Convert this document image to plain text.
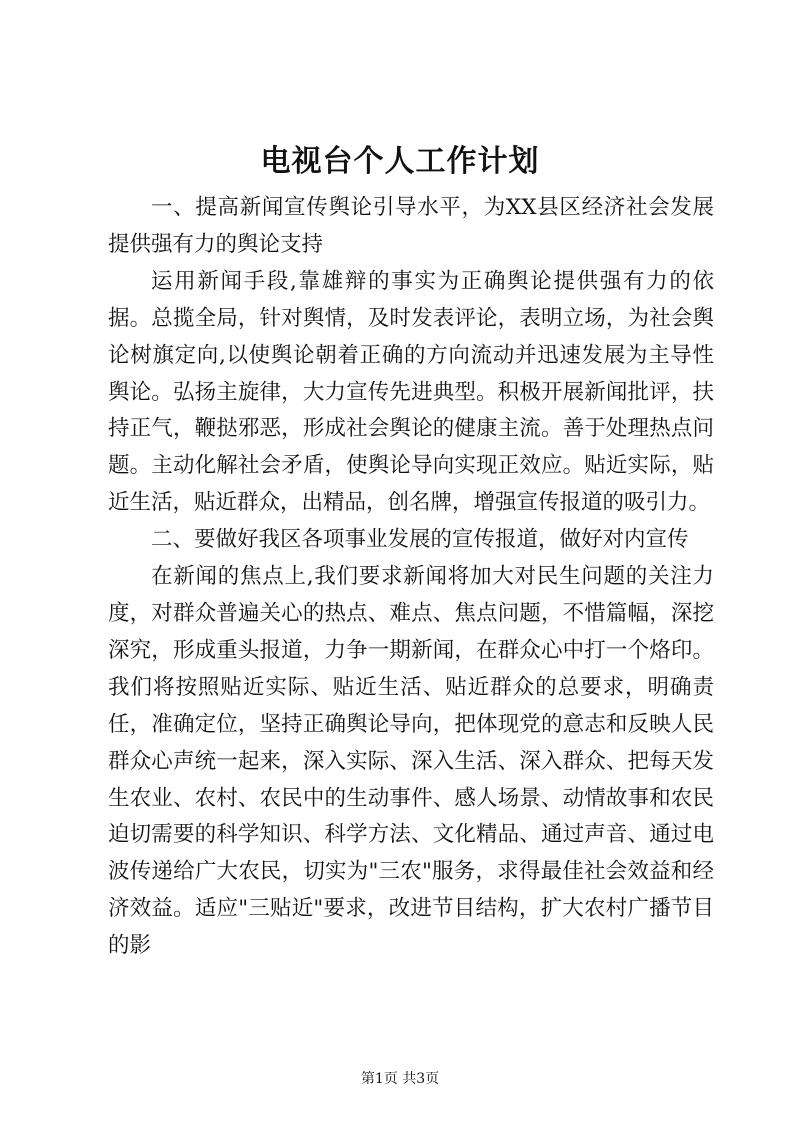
电视台个人工作计划

一、提高新闻宣传舆论引导水平，为XX县区经济社会发展提供强有力的舆论支持

运用新闻手段,靠雄辩的事实为正确舆论提供强有力的依据。总揽全局，针对舆情，及时发表评论，表明立场，为社会舆论树旗定向,以使舆论朝着正确的方向流动并迅速发展为主导性舆论。弘扬主旋律，大力宣传先进典型。积极开展新闻批评，扶持正气，鞭挞邪恶，形成社会舆论的健康主流。善于处理热点问题。主动化解社会矛盾，使舆论导向实现正效应。贴近实际，贴近生活，贴近群众，出精品，创名牌，增强宣传报道的吸引力。

二、要做好我区各项事业发展的宣传报道，做好对内宣传

在新闻的焦点上,我们要求新闻将加大对民生问题的关注力度，对群众普遍关心的热点、难点、焦点问题，不惜篇幅，深挖深究，形成重头报道，力争一期新闻，在群众心中打一个烙印。我们将按照贴近实际、贴近生活、贴近群众的总要求，明确责任，准确定位，坚持正确舆论导向，把体现党的意志和反映人民群众心声统一起来，深入实际、深入生活、深入群众、把每天发生农业、农村、农民中的生动事件、感人场景、动情故事和农民迫切需要的科学知识、科学方法、文化精品、通过声音、通过电波传递给广大农民，切实为"三农"服务，求得最佳社会效益和经济效益。适应"三贴近"要求，改进节目结构，扩大农村广播节目的影

第1页 共3页
